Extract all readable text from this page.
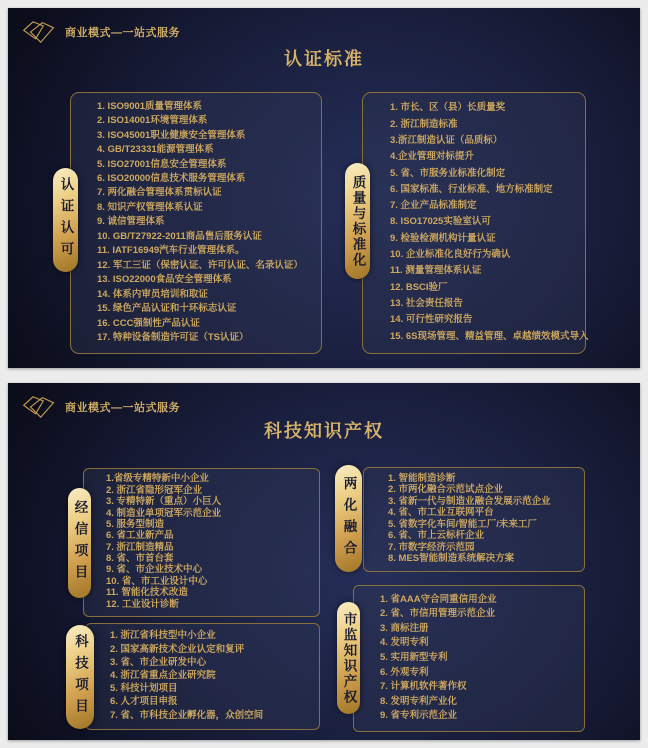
商业模式—一站式服务
认证标准
1. ISO9001质量管理体系
2. ISO14001环境管理体系
3. ISO45001职业健康安全管理体系
4. GB/T23331能源管理体系
5. ISO27001信息安全管理体系
6. ISO20000信息技术服务管理体系
7. 两化融合管理体系贯标认证
8. 知识产权管理体系认证
9. 诚信管理体系
10. GB/T27922-2011商品售后服务认证
11. IATF16949汽车行业管理体系。
12. 军工三证（保密认证、许可认证、名录认证）
13. ISO22000食品安全管理体系
14. 体系内审员培训和取证
15. 绿色产品认证和十环标志认证
16. CCC强制性产品认证
17. 特种设备制造许可证（TS认证）
认证认可
1. 市长、区（县）长质量奖
2. 浙江制造标准
3.浙江制造认证（品质标）
4.企业管理对标提升
5. 省、市服务业标准化制定
6. 国家标准、行业标准、地方标准制定
7. 企业产品标准制定
8. ISO17025实验室认可
9. 检验检测机构计量认证
10. 企业标准化良好行为确认
11. 测量管理体系认证
12. BSCI验厂
13. 社会责任报告
14. 可行性研究报告
15. 6S现场管理、精益管理、卓越绩效模式导入
质量与标准化
商业模式—一站式服务
科技知识产权
1.省级专精特新中小企业
2. 浙江省隐形冠军企业
3. 专精特新（重点）小巨人
4. 制造业单项冠军示范企业
5. 服务型制造
6. 省工业新产品
7. 浙江制造精品
8. 省、市首台套
9. 省、市企业技术中心
10. 省、市工业设计中心
11. 智能化技术改造
12. 工业设计诊断
经信项目
1. 浙江省科技型中小企业
2. 国家高新技术企业认定和复评
3. 省、市企业研发中心
4. 浙江省重点企业研究院
5. 科技计划项目
6. 人才项目申报
7. 省、市科技企业孵化器，众创空间
科技项目
1. 智能制造诊断
2. 市两化融合示范试点企业
3. 省新一代与制造业融合发展示范企业
4. 省、市工业互联网平台
5. 省数字化车间/智能工厂/未来工厂
6. 省、市上云标杆企业
7. 市数字经济示范园
8. MES智能制造系统解决方案
两化融合
1. 省AAA守合同重信用企业
2. 省、市信用管理示范企业
3. 商标注册
4. 发明专利
5. 实用新型专利
6. 外观专利
7. 计算机软件著作权
8. 发明专利产业化
9. 省专利示范企业
市监知识产权
